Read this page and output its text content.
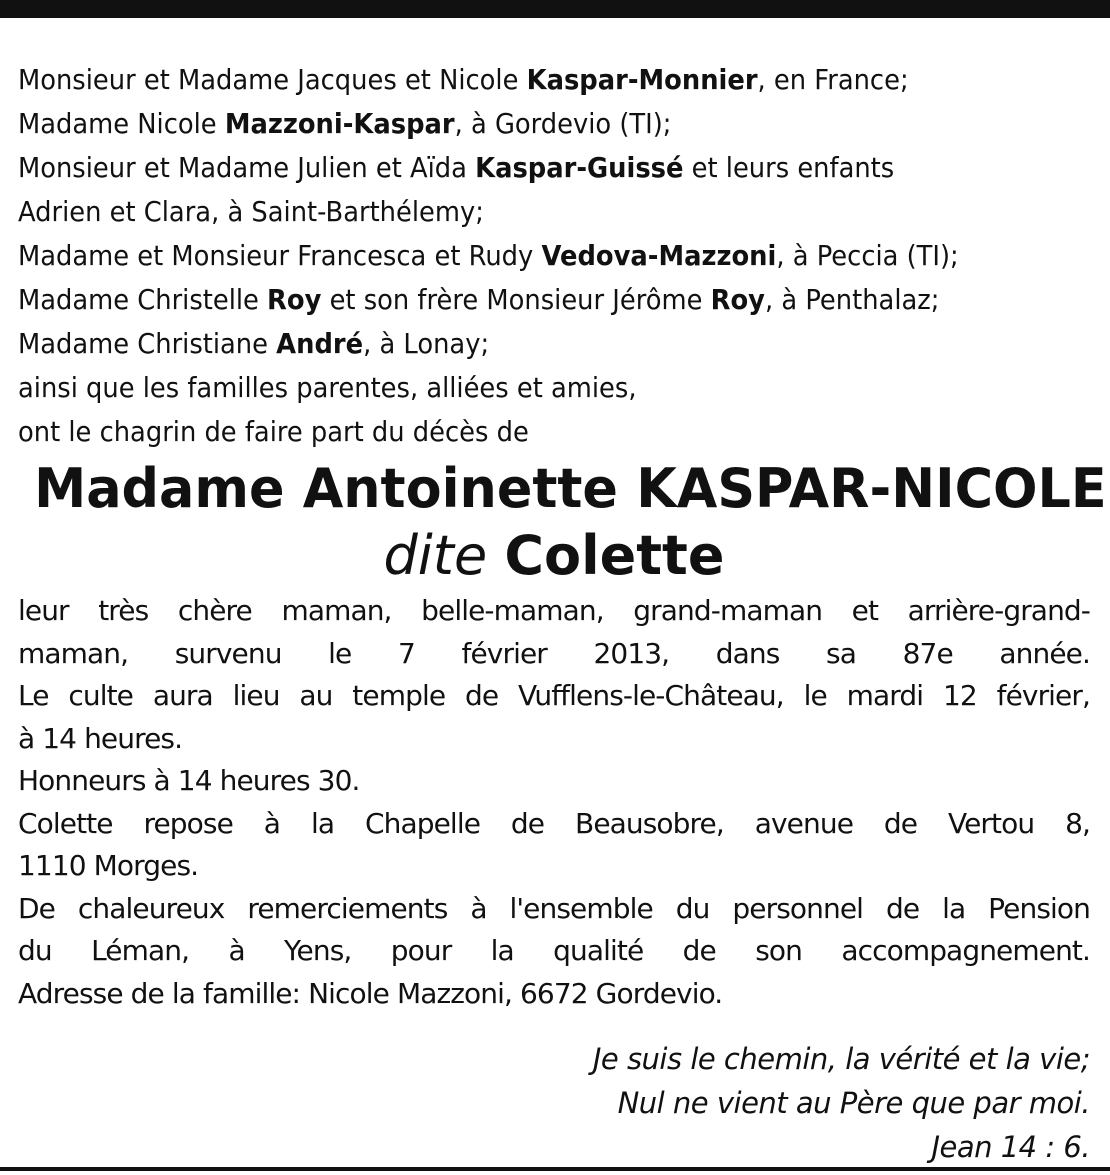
Monsieur et Madame Jacques et Nicole Kaspar-Monnier, en France;
Madame Nicole Mazzoni-Kaspar, à Gordevio (TI);
Monsieur et Madame Julien et Aïda Kaspar-Guissé et leurs enfants
Adrien et Clara, à Saint-Barthélemy;
Madame et Monsieur Francesca et Rudy Vedova-Mazzoni, à Peccia (TI);
Madame Christelle Roy et son frère Monsieur Jérôme Roy, à Penthalaz;
Madame Christiane André, à Lonay;
ainsi que les familles parentes, alliées et amies,
ont le chagrin de faire part du décès de
Madame Antoinette KASPAR-NICOLE
dite Colette
leur très chère maman, belle-maman, grand-maman et arrière-grand-
maman, survenu le 7 février 2013, dans sa 87e année.
Le culte aura lieu au temple de Vufflens-le-Château, le mardi 12 février,
à 14 heures.
Honneurs à 14 heures 30.
Colette repose à la Chapelle de Beausobre, avenue de Vertou 8,
1110 Morges.
De chaleureux remerciements à l'ensemble du personnel de la Pension
du Léman, à Yens, pour la qualité de son accompagnement.
Adresse de la famille: Nicole Mazzoni, 6672 Gordevio.
Je suis le chemin, la vérité et la vie;
Nul ne vient au Père que par moi.
Jean 14 : 6.
